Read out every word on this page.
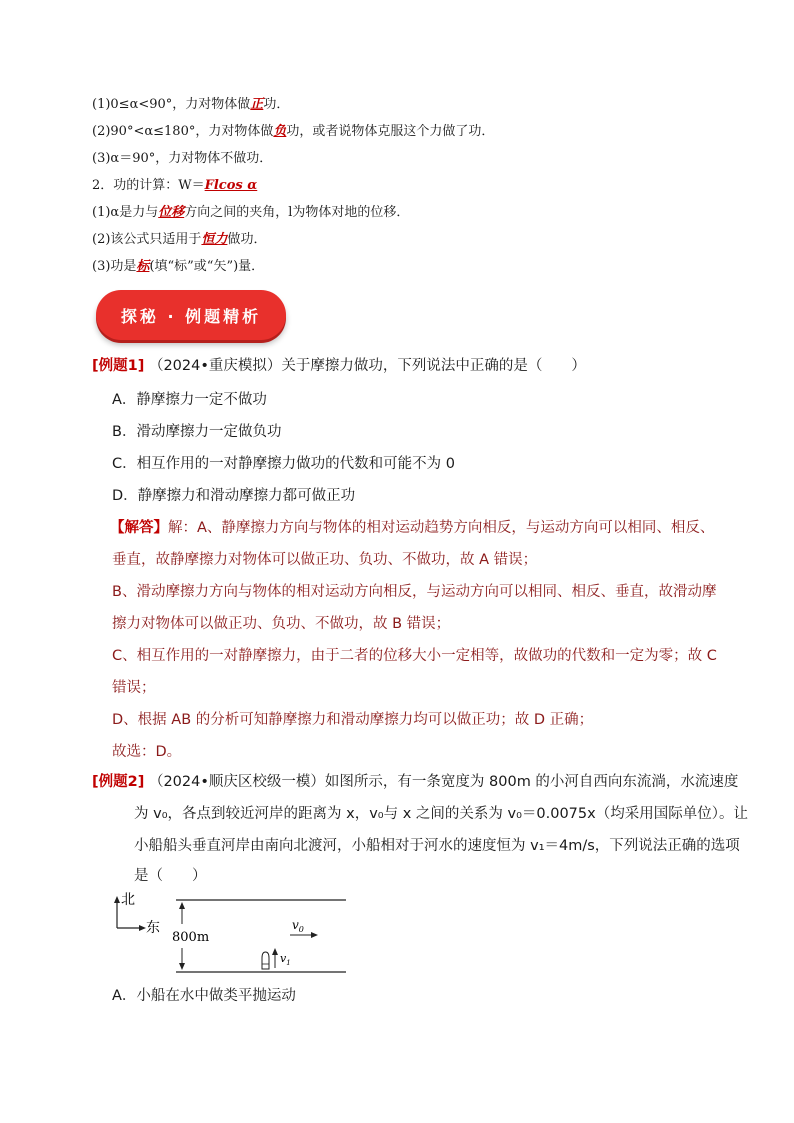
(1)0≤α<90°，力对物体做正功．
(2)90°<α≤180°，力对物体做负功，或者说物体克服这个力做了功．
(3)α＝90°，力对物体不做功．
2．功的计算：W＝Flcos α
(1)α是力与位移方向之间的夹角，l为物体对地的位移．
(2)该公式只适用于恒力做功．
(3)功是标(填“标”或“矢”)量．
探秘 · 例题精析
[例题1] （2024•重庆模拟）关于摩擦力做功，下列说法中正确的是（　　）
A．静摩擦力一定不做功
B．滑动摩擦力一定做负功
C．相互作用的一对静摩擦力做功的代数和可能不为 0
D．静摩擦力和滑动摩擦力都可做正功
【解答】解：A、静摩擦力方向与物体的相对运动趋势方向相反，与运动方向可以相同、相反、
垂直，故静摩擦力对物体可以做正功、负功、不做功，故 A 错误；
B、滑动摩擦力方向与物体的相对运动方向相反，与运动方向可以相同、相反、垂直，故滑动摩
擦力对物体可以做正功、负功、不做功，故 B 错误；
C、相互作用的一对静摩擦力，由于二者的位移大小一定相等，故做功的代数和一定为零；故 C
错误；
D、根据 AB 的分析可知静摩擦力和滑动摩擦力均可以做正功；故 D 正确；
故选：D。
[例题2] （2024•顺庆区校级一模）如图所示，有一条宽度为 800m 的小河自西向东流淌，水流速度
为 v₀，各点到较近河岸的距离为 x，v₀与 x 之间的关系为 v₀＝0.0075x（均采用国际单位）。让
小船船头垂直河岸由南向北渡河，小船相对于河水的速度恒为 v₁＝4m/s，下列说法正确的选项
是（　　）
北
东
800m
$v_0$
$v_1$
A．小船在水中做类平抛运动
